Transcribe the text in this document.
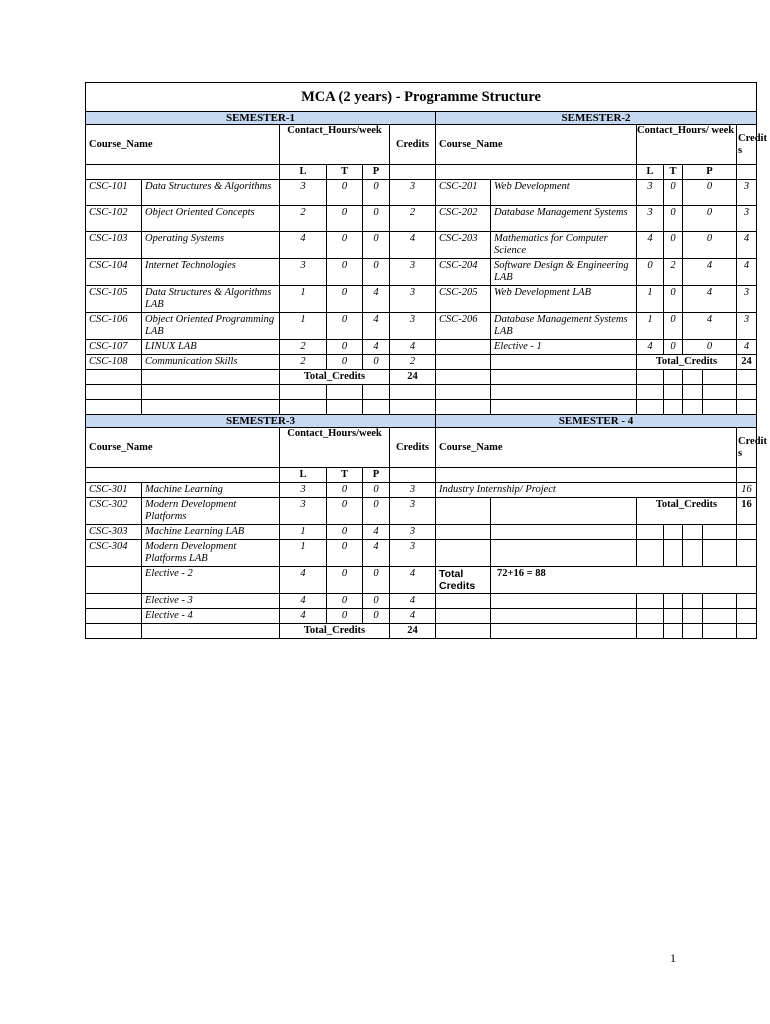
MCA (2 years) - Programme Structure												
SEMESTER-1						SEMESTER-2						
Course_Name		Contact_Hours/week			Credits	Course_Name		Contact_Hours/ week				Credit s
		L	T	P				L	T	P		
CSC-101	Data Structures & Algorithms	3	0	0	3	CSC-201	Web Development	3	0	0		3
CSC-102	Object Oriented Concepts	2	0	0	2	CSC-202	Database Management Systems	3	0	0		3
CSC-103	Operating Systems	4	0	0	4	CSC-203	Mathematics for Computer Science	4	0	0		4
CSC-104	Internet Technologies	3	0	0	3	CSC-204	Software Design & Engineering LAB	0	2	4		4
CSC-105	Data Structures & Algorithms LAB	1	0	4	3	CSC-205	Web Development LAB	1	0	4		3
CSC-106	Object Oriented Programming LAB	1	0	4	3	CSC-206	Database Management Systems LAB	1	0	4		3
CSC-107	LINUX LAB	2	0	4	4		Elective - 1	4	0	0		4
CSC-108	Communication Skills	2	0	0	2			Total_Credits				24
		Total_Credits			24							

SEMESTER-3						SEMESTER - 4						
Course_Name		Contact_Hours/week			Credits	Course_Name						Credit s
		L	T	P								
CSC-301	Machine Learning	3	0	0	3	Industry Internship/ Project						16
CSC-302	Modern Development Platforms	3	0	0	3			Total_Credits				16
CSC-303	Machine Learning LAB	1	0	4	3							
CSC-304	Modern Development Platforms LAB	1	0	4	3							
	Elective - 2	4	0	0	4	Total Credits	72+16 = 88					
	Elective - 3	4	0	0	4							
	Elective - 4	4	0	0	4							
		Total_Credits			24							
1
